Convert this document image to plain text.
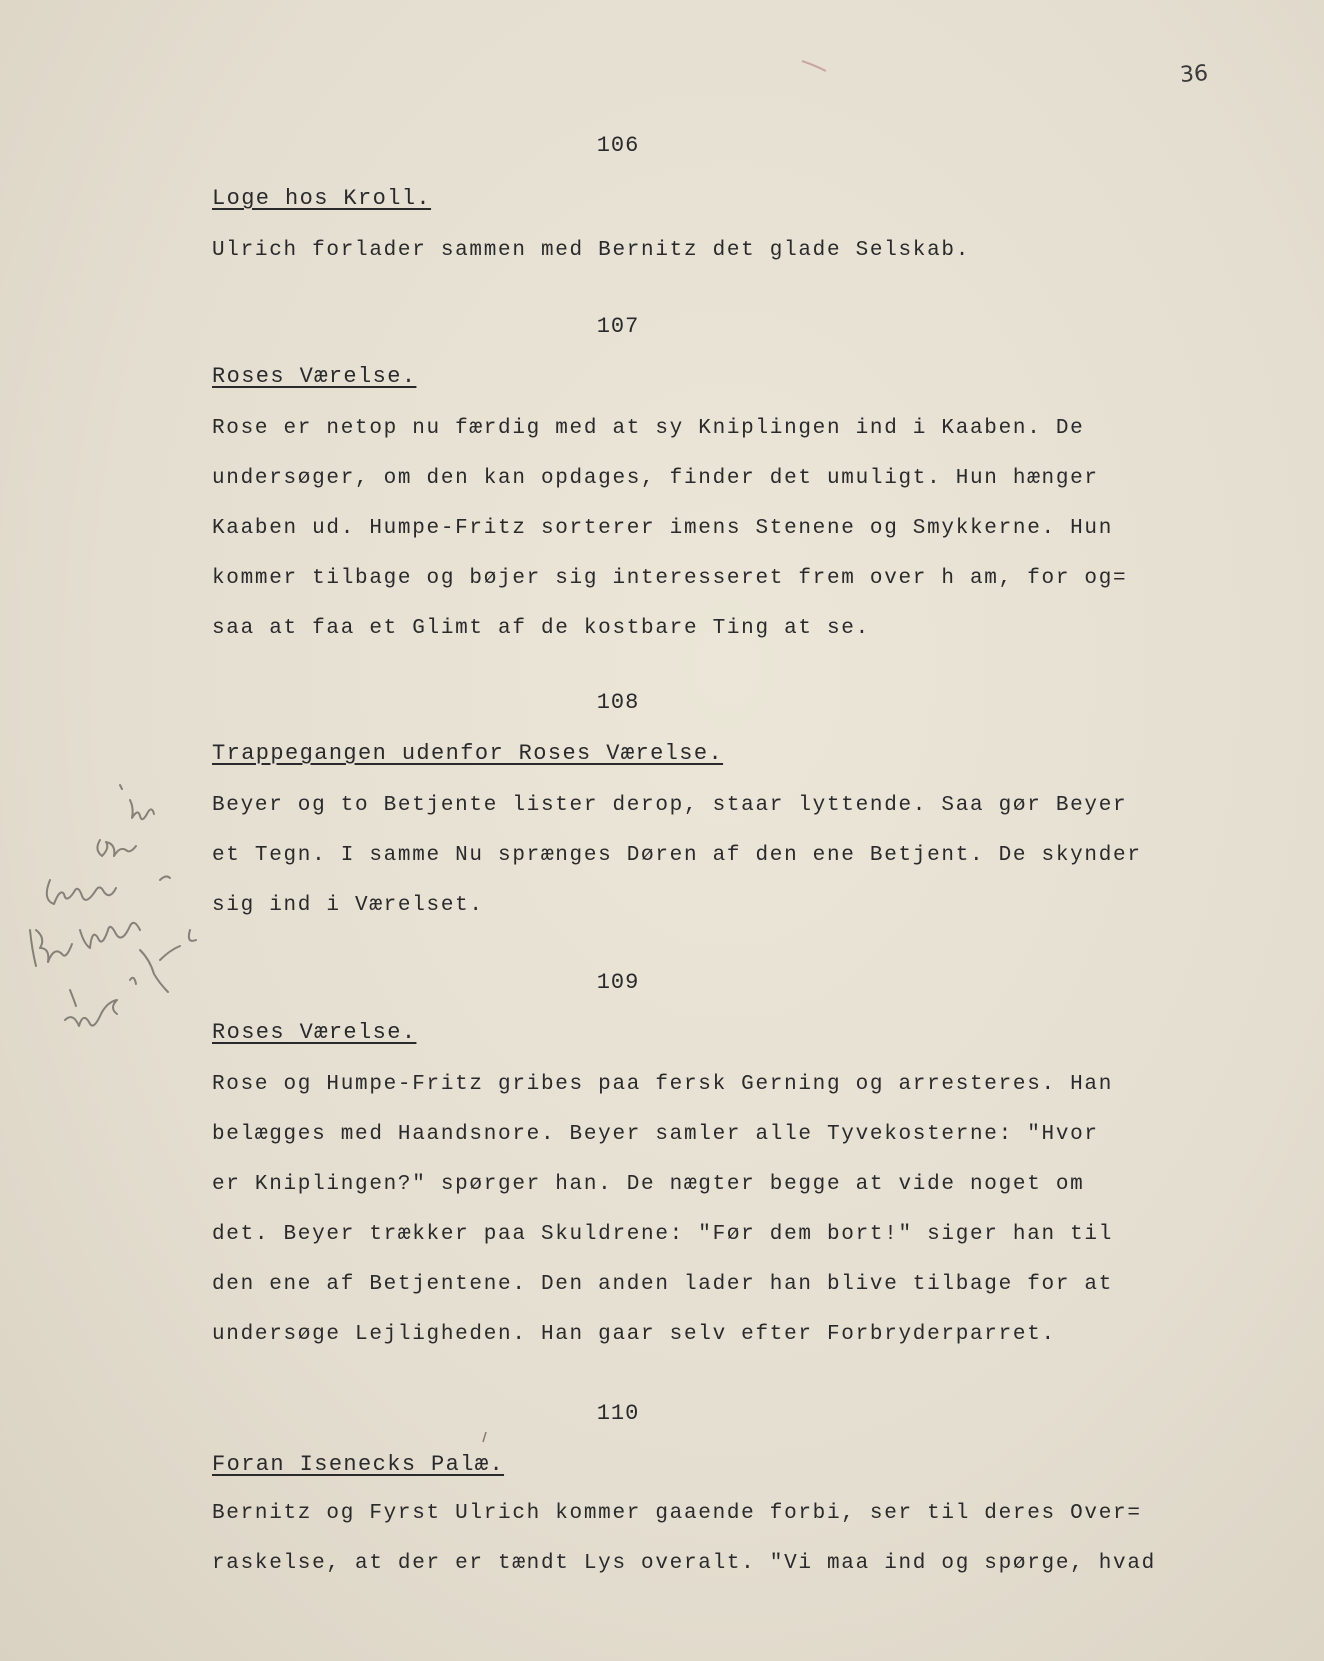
36
106
Loge hos Kroll.
Ulrich forlader sammen med Bernitz det glade Selskab.
107
Roses Værelse.
Rose er netop nu færdig med at sy Kniplingen ind i Kaaben. De
undersøger, om den kan opdages, finder det umuligt. Hun hænger
Kaaben ud. Humpe-Fritz sorterer imens Stenene og Smykkerne. Hun
kommer tilbage og bøjer sig interesseret frem over h am, for og=
saa at faa et Glimt af de kostbare Ting at se.
108
Trappegangen udenfor Roses Værelse.
Beyer og to Betjente lister derop, staar lyttende. Saa gør Beyer
et Tegn. I samme Nu sprænges Døren af den ene Betjent. De skynder
sig ind i Værelset.
109
Roses Værelse.
Rose og Humpe-Fritz gribes paa fersk Gerning og arresteres. Han
belægges med Haandsnore. Beyer samler alle Tyvekosterne: "Hvor
er Kniplingen?" spørger han. De nægter begge at vide noget om
det. Beyer trækker paa Skuldrene: "Før dem bort!" siger han til
den ene af Betjentene. Den anden lader han blive tilbage for at
undersøge Lejligheden. Han gaar selv efter Forbryderparret.
110
Foran Isenecks Palæ.
Bernitz og Fyrst Ulrich kommer gaaende forbi, ser til deres Over=
raskelse, at der er tændt Lys overalt. "Vi maa ind og spørge, hvad
